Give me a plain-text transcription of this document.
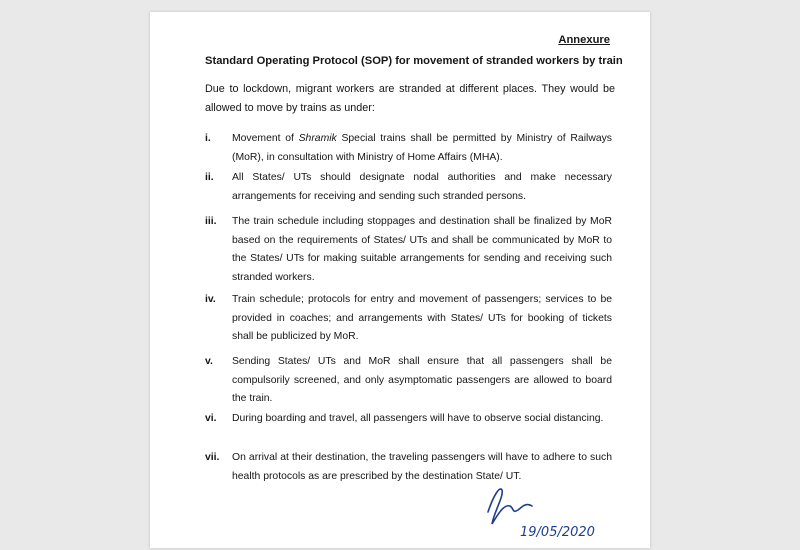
Annexure
Standard Operating Protocol (SOP) for movement of stranded workers by train
Due to lockdown, migrant workers are stranded at different places. They would be allowed to move by trains as under:
i. Movement of Shramik Special trains shall be permitted by Ministry of Railways (MoR), in consultation with Ministry of Home Affairs (MHA).
ii. All States/ UTs should designate nodal authorities and make necessary arrangements for receiving and sending such stranded persons.
iii. The train schedule including stoppages and destination shall be finalized by MoR based on the requirements of States/ UTs and shall be communicated by MoR to the States/ UTs for making suitable arrangements for sending and receiving such stranded workers.
iv. Train schedule; protocols for entry and movement of passengers; services to be provided in coaches; and arrangements with States/ UTs for booking of tickets shall be publicized by MoR.
v. Sending States/ UTs and MoR shall ensure that all passengers shall be compulsorily screened, and only asymptomatic passengers are allowed to board the train.
vi. During boarding and travel, all passengers will have to observe social distancing.
vii. On arrival at their destination, the traveling passengers will have to adhere to such health protocols as are prescribed by the destination State/ UT.
19/05/2020
